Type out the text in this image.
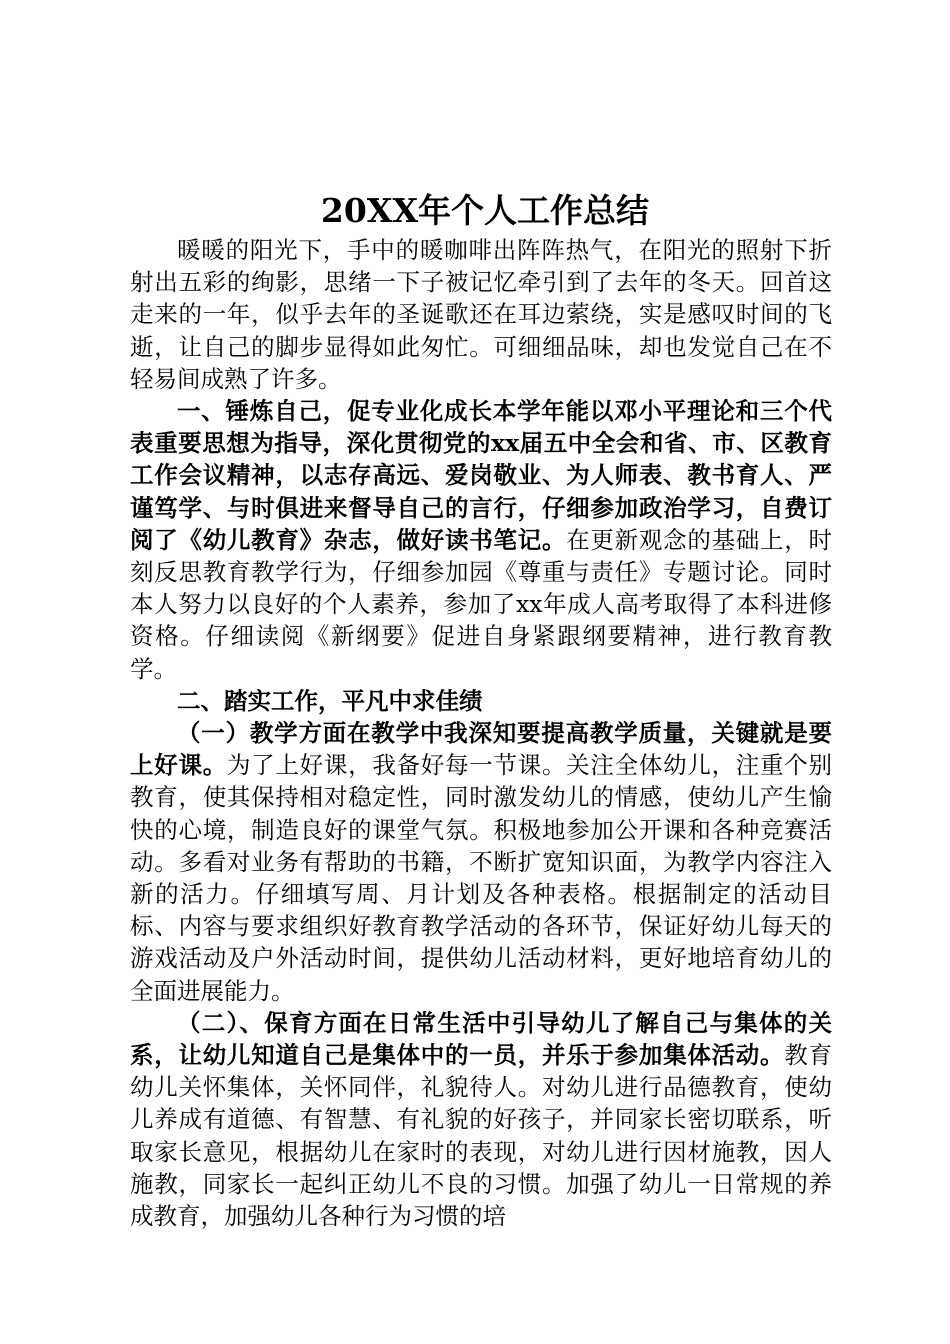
20XX年个人工作总结

暖暖的阳光下，手中的暖咖啡出阵阵热气，在阳光的照射下折射出五彩的绚影，思绪一下子被记忆牵引到了去年的冬天。回首这走来的一年，似乎去年的圣诞歌还在耳边萦绕，实是感叹时间的飞逝，让自己的脚步显得如此匆忙。可细细品味，却也发觉自己在不轻易间成熟了许多。

一、锤炼自己，促专业化成长本学年能以邓小平理论和三个代表重要思想为指导，深化贯彻党的xx届五中全会和省、市、区教育工作会议精神，以志存高远、爱岗敬业、为人师表、教书育人、严谨笃学、与时俱进来督导自己的言行，仔细参加政治学习，自费订阅了《幼儿教育》杂志，做好读书笔记。在更新观念的基础上，时刻反思教育教学行为，仔细参加园《尊重与责任》专题讨论。同时本人努力以良好的个人素养，参加了xx年成人高考取得了本科进修资格。仔细读阅《新纲要》促进自身紧跟纲要精神，进行教育教学。

二、踏实工作，平凡中求佳绩

（一）教学方面在教学中我深知要提高教学质量，关键就是要上好课。为了上好课，我备好每一节课。关注全体幼儿，注重个别教育，使其保持相对稳定性，同时激发幼儿的情感，使幼儿产生愉快的心境，制造良好的课堂气氛。积极地参加公开课和各种竞赛活动。多看对业务有帮助的书籍，不断扩宽知识面，为教学内容注入新的活力。仔细填写周、月计划及各种表格。根据制定的活动目标、内容与要求组织好教育教学活动的各环节，保证好幼儿每天的游戏活动及户外活动时间，提供幼儿活动材料，更好地培育幼儿的全面进展能力。

（二）、保育方面在日常生活中引导幼儿了解自己与集体的关系，让幼儿知道自己是集体中的一员，并乐于参加集体活动。教育幼儿关怀集体，关怀同伴，礼貌待人。对幼儿进行品德教育，使幼儿养成有道德、有智慧、有礼貌的好孩子，并同家长密切联系，听取家长意见，根据幼儿在家时的表现，对幼儿进行因材施教，因人施教，同家长一起纠正幼儿不良的习惯。加强了幼儿一日常规的养成教育，加强幼儿各种行为习惯的培
